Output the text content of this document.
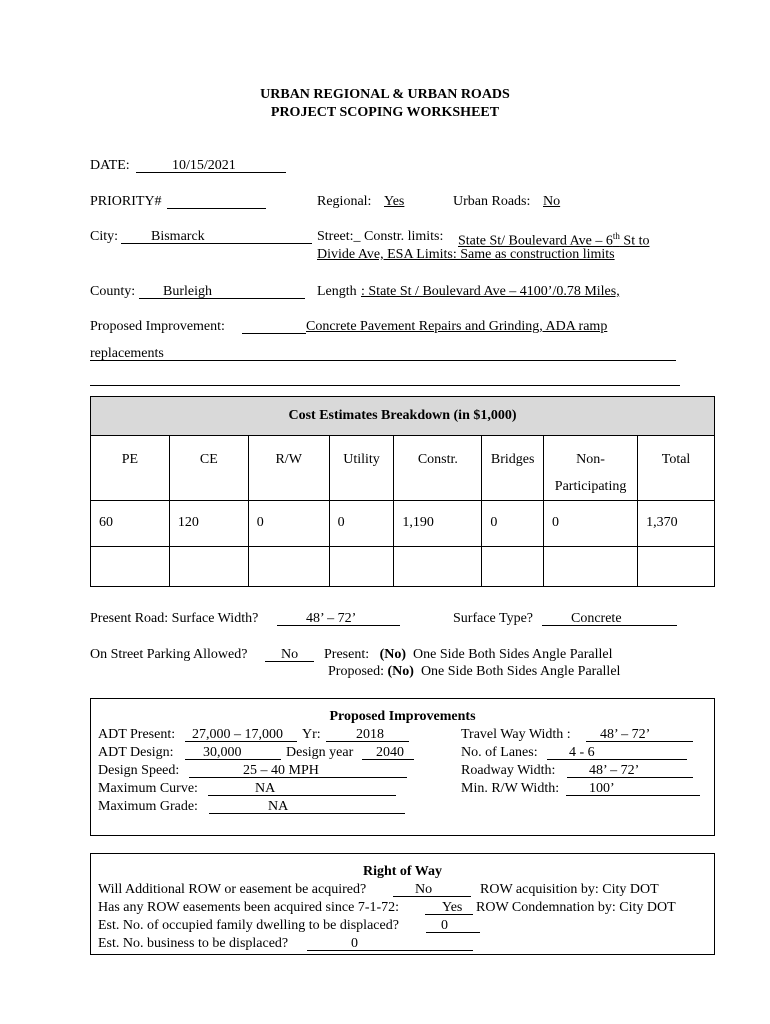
URBAN REGIONAL & URBAN ROADS
PROJECT SCOPING WORKSHEET
DATE:	10/15/2021
PRIORITY#	Regional: Yes	Urban Roads: No
City: Bismarck	Street:_ Constr. limits: State St/ Boulevard Ave – 6th St to
Divide Ave, ESA Limits: Same as construction limits
County: Burleigh	Length : State St / Boulevard Ave – 4100’/0.78 Miles,
Proposed Improvement:	Concrete Pavement Repairs and Grinding, ADA ramp
replacements
Cost Estimates Breakdown (in $1,000)							
PE	CE	R/W	Utility	Constr.	Bridges	Non-
Participating	Total
60	120	0	0	1,190	0	0	1,370

Present Road: Surface Width?	48’ – 72’	Surface Type?	Concrete
On Street Parking Allowed? No Present: (No) One Side Both Sides Angle Parallel
Proposed: (No) One Side Both Sides Angle Parallel
Proposed Improvements
ADT Present: 27,000 – 17,000 Yr:	2018
ADT Design: 30,000	Design year 2040
Design Speed:	25 – 40 MPH
Maximum Curve:	NA
Maximum Grade:	NA
Travel Way Width : 48’ – 72’
No. of Lanes: 4 - 6
Roadway Width: 48’ – 72’
Min. R/W Width: 100’
Right of Way
Will Additional ROW or easement be acquired?	No	ROW acquisition by: City DOT
Has any ROW easements been acquired since 7-1-72:	Yes ROW Condemnation by: City DOT
Est. No. of occupied family dwelling to be displaced?	0
Est. No. business to be displaced?	0
